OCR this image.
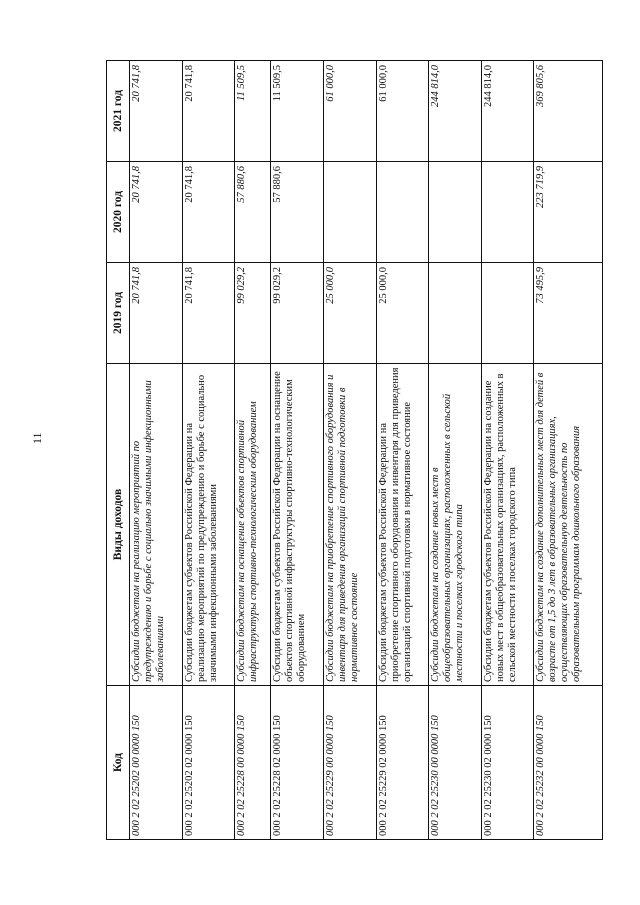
11
Код	Виды доходов	2019 год	2020 год	2021 год
000 2 02 25202 00 0000 150	Субсидии бюджетам на реализацию мероприятий по предупреждению и борьбе с социально значимыми инфекционными заболеваниями	20 741,8	20 741,8	20 741,8
000 2 02 25202 02 0000 150	Субсидии бюджетам субъектов Российской Федерации на реализацию мероприятий по предупреждению и борьбе с социально значимыми инфекционными заболеваниями	20 741,8	20 741,8	20 741,8
000 2 02 25228 00 0000 150	Субсидии бюджетам на оснащение объектов спортивной инфраструктуры спортивно-технологическим оборудованием	99 029,2	57 880,6	11 509,5
000 2 02 25228 02 0000 150	Субсидии бюджетам субъектов Российской Федерации на оснащение объектов спортивной инфраструктуры спортивно-технологическим оборудованием	99 029,2	57 880,6	11 509,5
000 2 02 25229 00 0000 150	Субсидии бюджетам на приобретение спортивного оборудования и инвентаря для приведения организаций спортивной подготовки в нормативное состояние	25 000,0		61 000,0
000 2 02 25229 02 0000 150	Субсидии бюджетам субъектов Российской Федерации на приобретение спортивного оборудования и инвентаря для приведения организаций спортивной подготовки в нормативное состояние	25 000,0		61 000,0
000 2 02 25230 00 0000 150	Субсидии бюджетам на создание новых мест в общеобразовательных организациях, расположенных в сельской местности и поселках городского типа			244 814,0
000 2 02 25230 02 0000 150	Субсидии бюджетам субъектов Российской Федерации на создание новых мест в общеобразовательных организациях, расположенных в сельской местности и поселках городского типа			244 814,0
000 2 02 25232 00 0000 150	Субсидии бюджетам на создание дополнительных мест для детей в возрасте от 1,5 до 3 лет в образовательных организациях, осуществляющих образовательную деятельность по образовательным программам дошкольного образования	73 495,9	223 719,9	369 805,6
